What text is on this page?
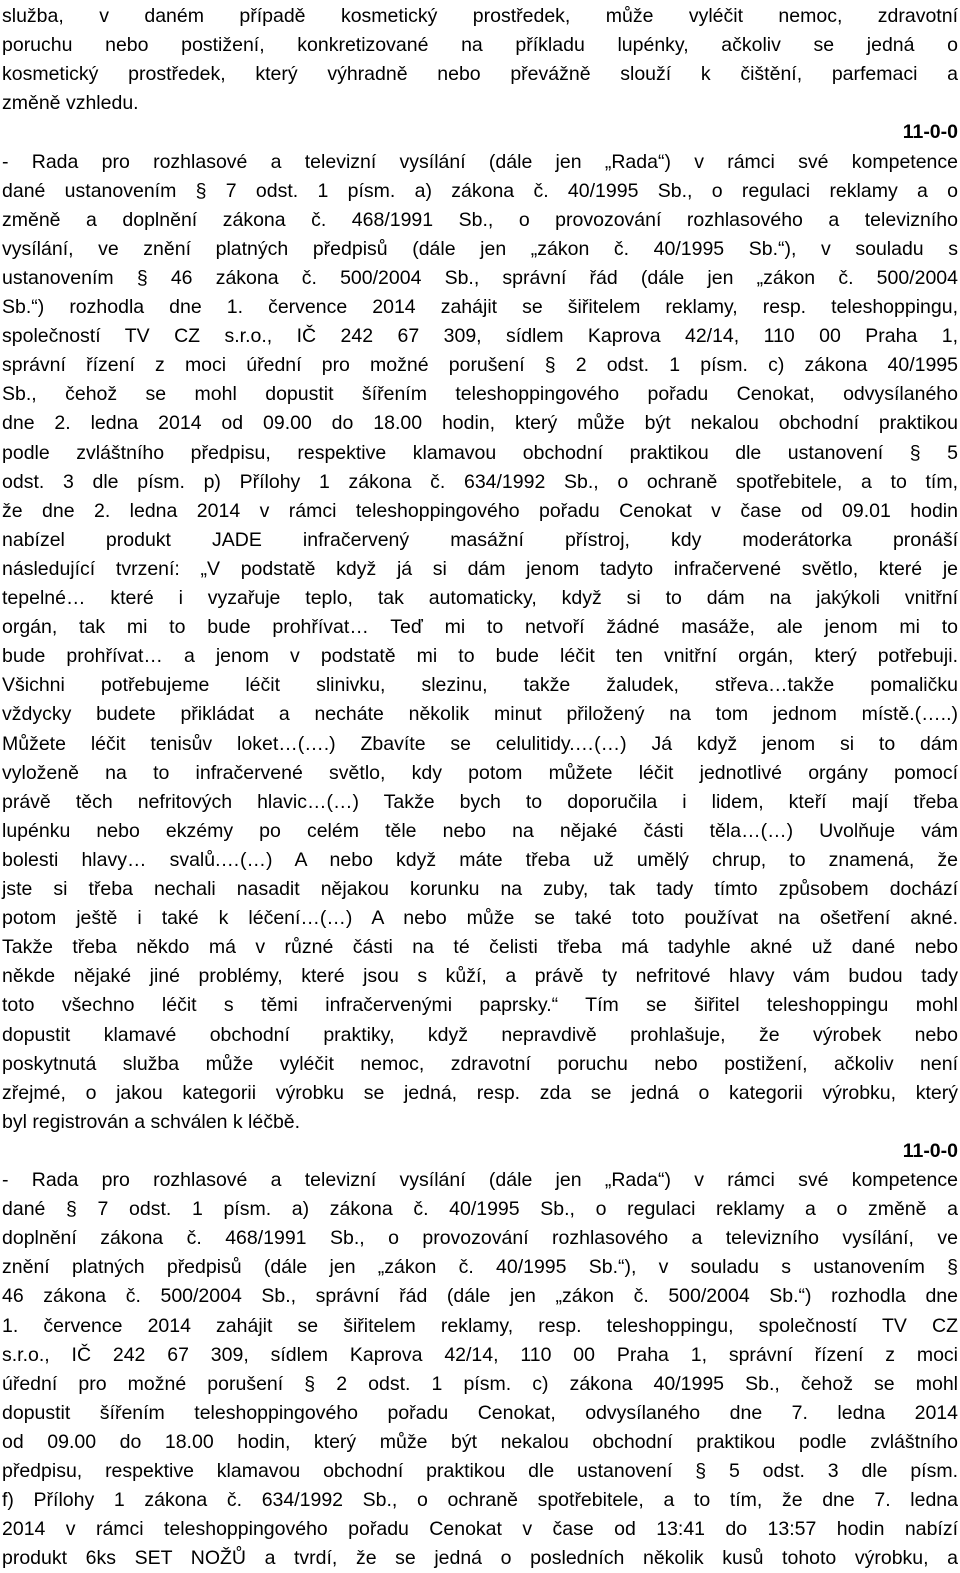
služba, v daném případě kosmetický prostředek, může vyléčit nemoc, zdravotní
poruchu nebo postižení, konkretizované na příkladu lupénky, ačkoliv se jedná o
kosmetický prostředek, který výhradně nebo převážně slouží k čištění, parfemaci a
změně vzhledu.
11-0-0
- Rada pro rozhlasové a televizní vysílání (dále jen „Rada“) v rámci své kompetence
dané ustanovením § 7 odst. 1 písm. a) zákona č. 40/1995 Sb., o regulaci reklamy a o
změně a doplnění zákona č. 468/1991 Sb., o provozování rozhlasového a televizního
vysílání, ve znění platných předpisů (dále jen „zákon č. 40/1995 Sb.“), v souladu s
ustanovením § 46 zákona č. 500/2004 Sb., správní řád (dále jen „zákon č. 500/2004
Sb.“) rozhodla dne 1. července 2014 zahájit se šiřitelem reklamy, resp. teleshoppingu,
společností TV CZ s.r.o., IČ 242 67 309, sídlem Kaprova 42/14, 110 00 Praha 1,
správní řízení z moci úřední pro možné porušení § 2 odst. 1 písm. c) zákona 40/1995
Sb., čehož se mohl dopustit šířením teleshoppingového pořadu Cenokat, odvysílaného
dne 2. ledna 2014 od 09.00 do 18.00 hodin, který může být nekalou obchodní praktikou
podle zvláštního předpisu, respektive klamavou obchodní praktikou dle ustanovení § 5
odst. 3 dle písm. p) Přílohy 1 zákona č. 634/1992 Sb., o ochraně spotřebitele, a to tím,
že dne 2. ledna 2014 v rámci teleshoppingového pořadu Cenokat v čase od 09.01 hodin
nabízel produkt JADE infračervený masážní přístroj, kdy moderátorka pronáší
následující tvrzení: „V podstatě když já si dám jenom tadyto infračervené světlo, které je
tepelné… které i vyzařuje teplo, tak automaticky, když si to dám na jakýkoli vnitřní
orgán, tak mi to bude prohřívat… Teď mi to netvoří žádné masáže, ale jenom mi to
bude prohřívat… a jenom v podstatě mi to bude léčit ten vnitřní orgán, který potřebuji.
Všichni potřebujeme léčit slinivku, slezinu, takže žaludek, střeva…takže pomaličku
vždycky budete přikládat a necháte několik minut přiložený na tom jednom místě.(…..)
Můžete léčit tenisův loket…(….) Zbavíte se celulitidy.…(…) Já když jenom si to dám
vyloženě na to infračervené světlo, kdy potom můžete léčit jednotlivé orgány pomocí
právě těch nefritových hlavic…(…) Takže bych to doporučila i lidem, kteří mají třeba
lupénku nebo ekzémy po celém těle nebo na nějaké části těla…(…) Uvolňuje vám
bolesti hlavy… svalů.…(…) A nebo když máte třeba už umělý chrup, to znamená, že
jste si třeba nechali nasadit nějakou korunku na zuby, tak tady tímto způsobem dochází
potom ještě i také k léčení…(…) A nebo může se také toto používat na ošetření akné.
Takže třeba někdo má v různé části na té čelisti třeba má tadyhle akné už dané nebo
někde nějaké jiné problémy, které jsou s kůží, a právě ty nefritové hlavy vám budou tady
toto všechno léčit s těmi infračervenými paprsky.“ Tím se šiřitel teleshoppingu mohl
dopustit klamavé obchodní praktiky, když nepravdivě prohlašuje, že výrobek nebo
poskytnutá služba může vyléčit nemoc, zdravotní poruchu nebo postižení, ačkoliv není
zřejmé, o jakou kategorii výrobku se jedná, resp. zda se jedná o kategorii výrobku, který
byl registrován a schválen k léčbě.
11-0-0
- Rada pro rozhlasové a televizní vysílání (dále jen „Rada“) v rámci své kompetence
dané § 7 odst. 1 písm. a) zákona č. 40/1995 Sb., o regulaci reklamy a o změně a
doplnění zákona č. 468/1991 Sb., o provozování rozhlasového a televizního vysílání, ve
znění platných předpisů (dále jen „zákon č. 40/1995 Sb.“), v souladu s ustanovením §
46 zákona č. 500/2004 Sb., správní řád (dále jen „zákon č. 500/2004 Sb.“) rozhodla dne
1. července 2014 zahájit se šiřitelem reklamy, resp. teleshoppingu, společností TV CZ
s.r.o., IČ 242 67 309, sídlem Kaprova 42/14, 110 00 Praha 1, správní řízení z moci
úřední pro možné porušení § 2 odst. 1 písm. c) zákona 40/1995 Sb., čehož se mohl
dopustit šířením teleshoppingového pořadu Cenokat, odvysílaného dne 7. ledna 2014
od 09.00 do 18.00 hodin, který může být nekalou obchodní praktikou podle zvláštního
předpisu, respektive klamavou obchodní praktikou dle ustanovení § 5 odst. 3 dle písm.
f) Přílohy 1 zákona č. 634/1992 Sb., o ochraně spotřebitele, a to tím, že dne 7. ledna
2014 v rámci teleshoppingového pořadu Cenokat v čase od 13:41 do 13:57 hodin nabízí
produkt 6ks SET NOŽŮ a tvrdí, že se jedná o posledních několik kusů tohoto výrobku, a
